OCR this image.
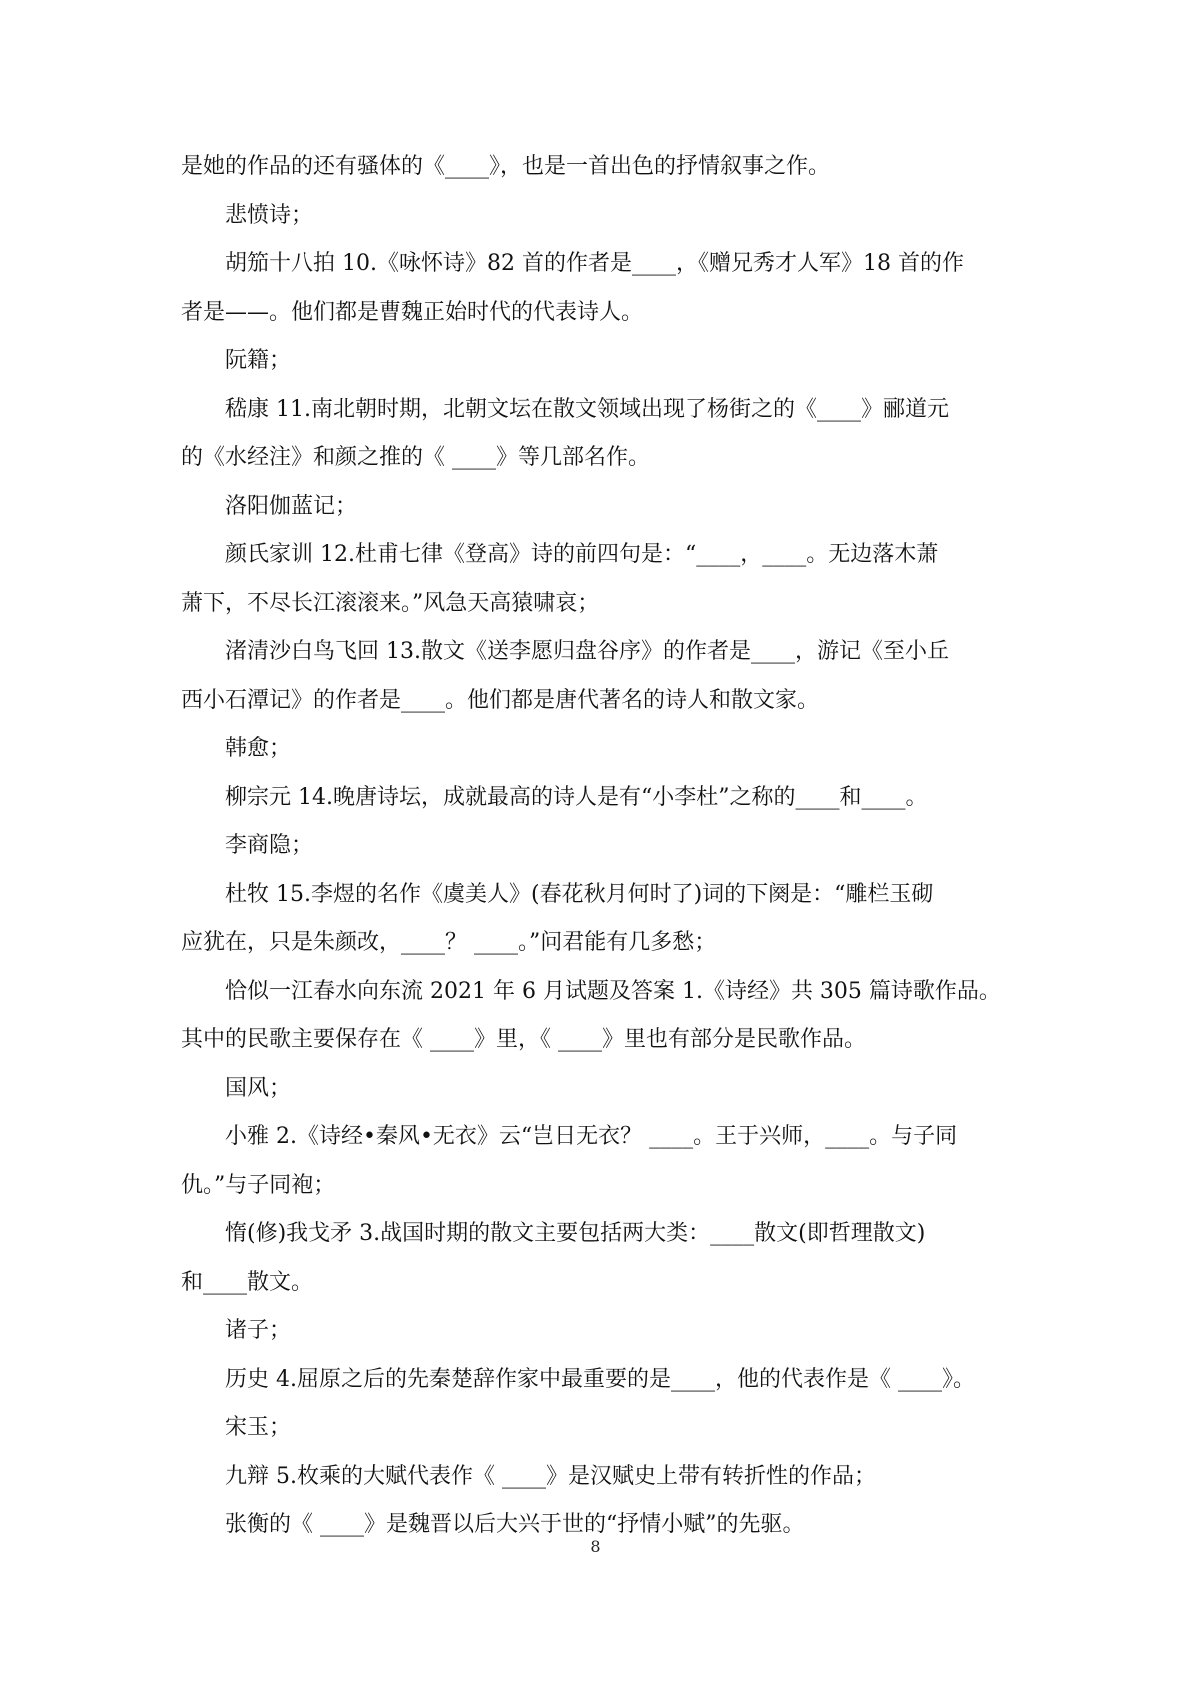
是她的作品的还有骚体的《____》，也是一首出色的抒情叙事之作。

悲愤诗；

胡笳十八拍 10.《咏怀诗》82 首的作者是____，《赠兄秀才人军》18 首的作

者是——。他们都是曹魏正始时代的代表诗人。

阮籍；

嵇康 11.南北朝时期，北朝文坛在散文领域出现了杨街之的《____》郦道元

的《水经注》和颜之推的《 ____》等几部名作。

洛阳伽蓝记；

颜氏家训 12.杜甫七律《登高》诗的前四句是：“____，____。无边落木萧

萧下，不尽长江滚滚来。”风急天高猿啸哀；

渚清沙白鸟飞回 13.散文《送李愿归盘谷序》的作者是____，游记《至小丘

西小石潭记》的作者是____。他们都是唐代著名的诗人和散文家。

韩愈；

柳宗元 14.晚唐诗坛，成就最高的诗人是有“小李杜”之称的____和____。

李商隐；

杜牧 15.李煜的名作《虞美人》(春花秋月何时了)词的下阕是：“雕栏玉砌

应犹在，只是朱颜改，____？ ____。”问君能有几多愁；

恰似一江春水向东流 2021 年 6 月试题及答案 1.《诗经》共 305 篇诗歌作品。

其中的民歌主要保存在《 ____》里，《 ____》里也有部分是民歌作品。

国风；

小雅 2.《诗经•秦风•无衣》云“岂日无衣？ ____。王于兴师，____。与子同

仇。”与子同袍；

惰(修)我戈矛 3.战国时期的散文主要包括两大类：____散文(即哲理散文)

和____散文。

诸子；

历史 4.屈原之后的先秦楚辞作家中最重要的是____，他的代表作是《 ____》。

宋玉；

九辩 5.枚乘的大赋代表作《 ____》是汉赋史上带有转折性的作品；

张衡的《 ____》是魏晋以后大兴于世的“抒情小赋”的先驱。

8
